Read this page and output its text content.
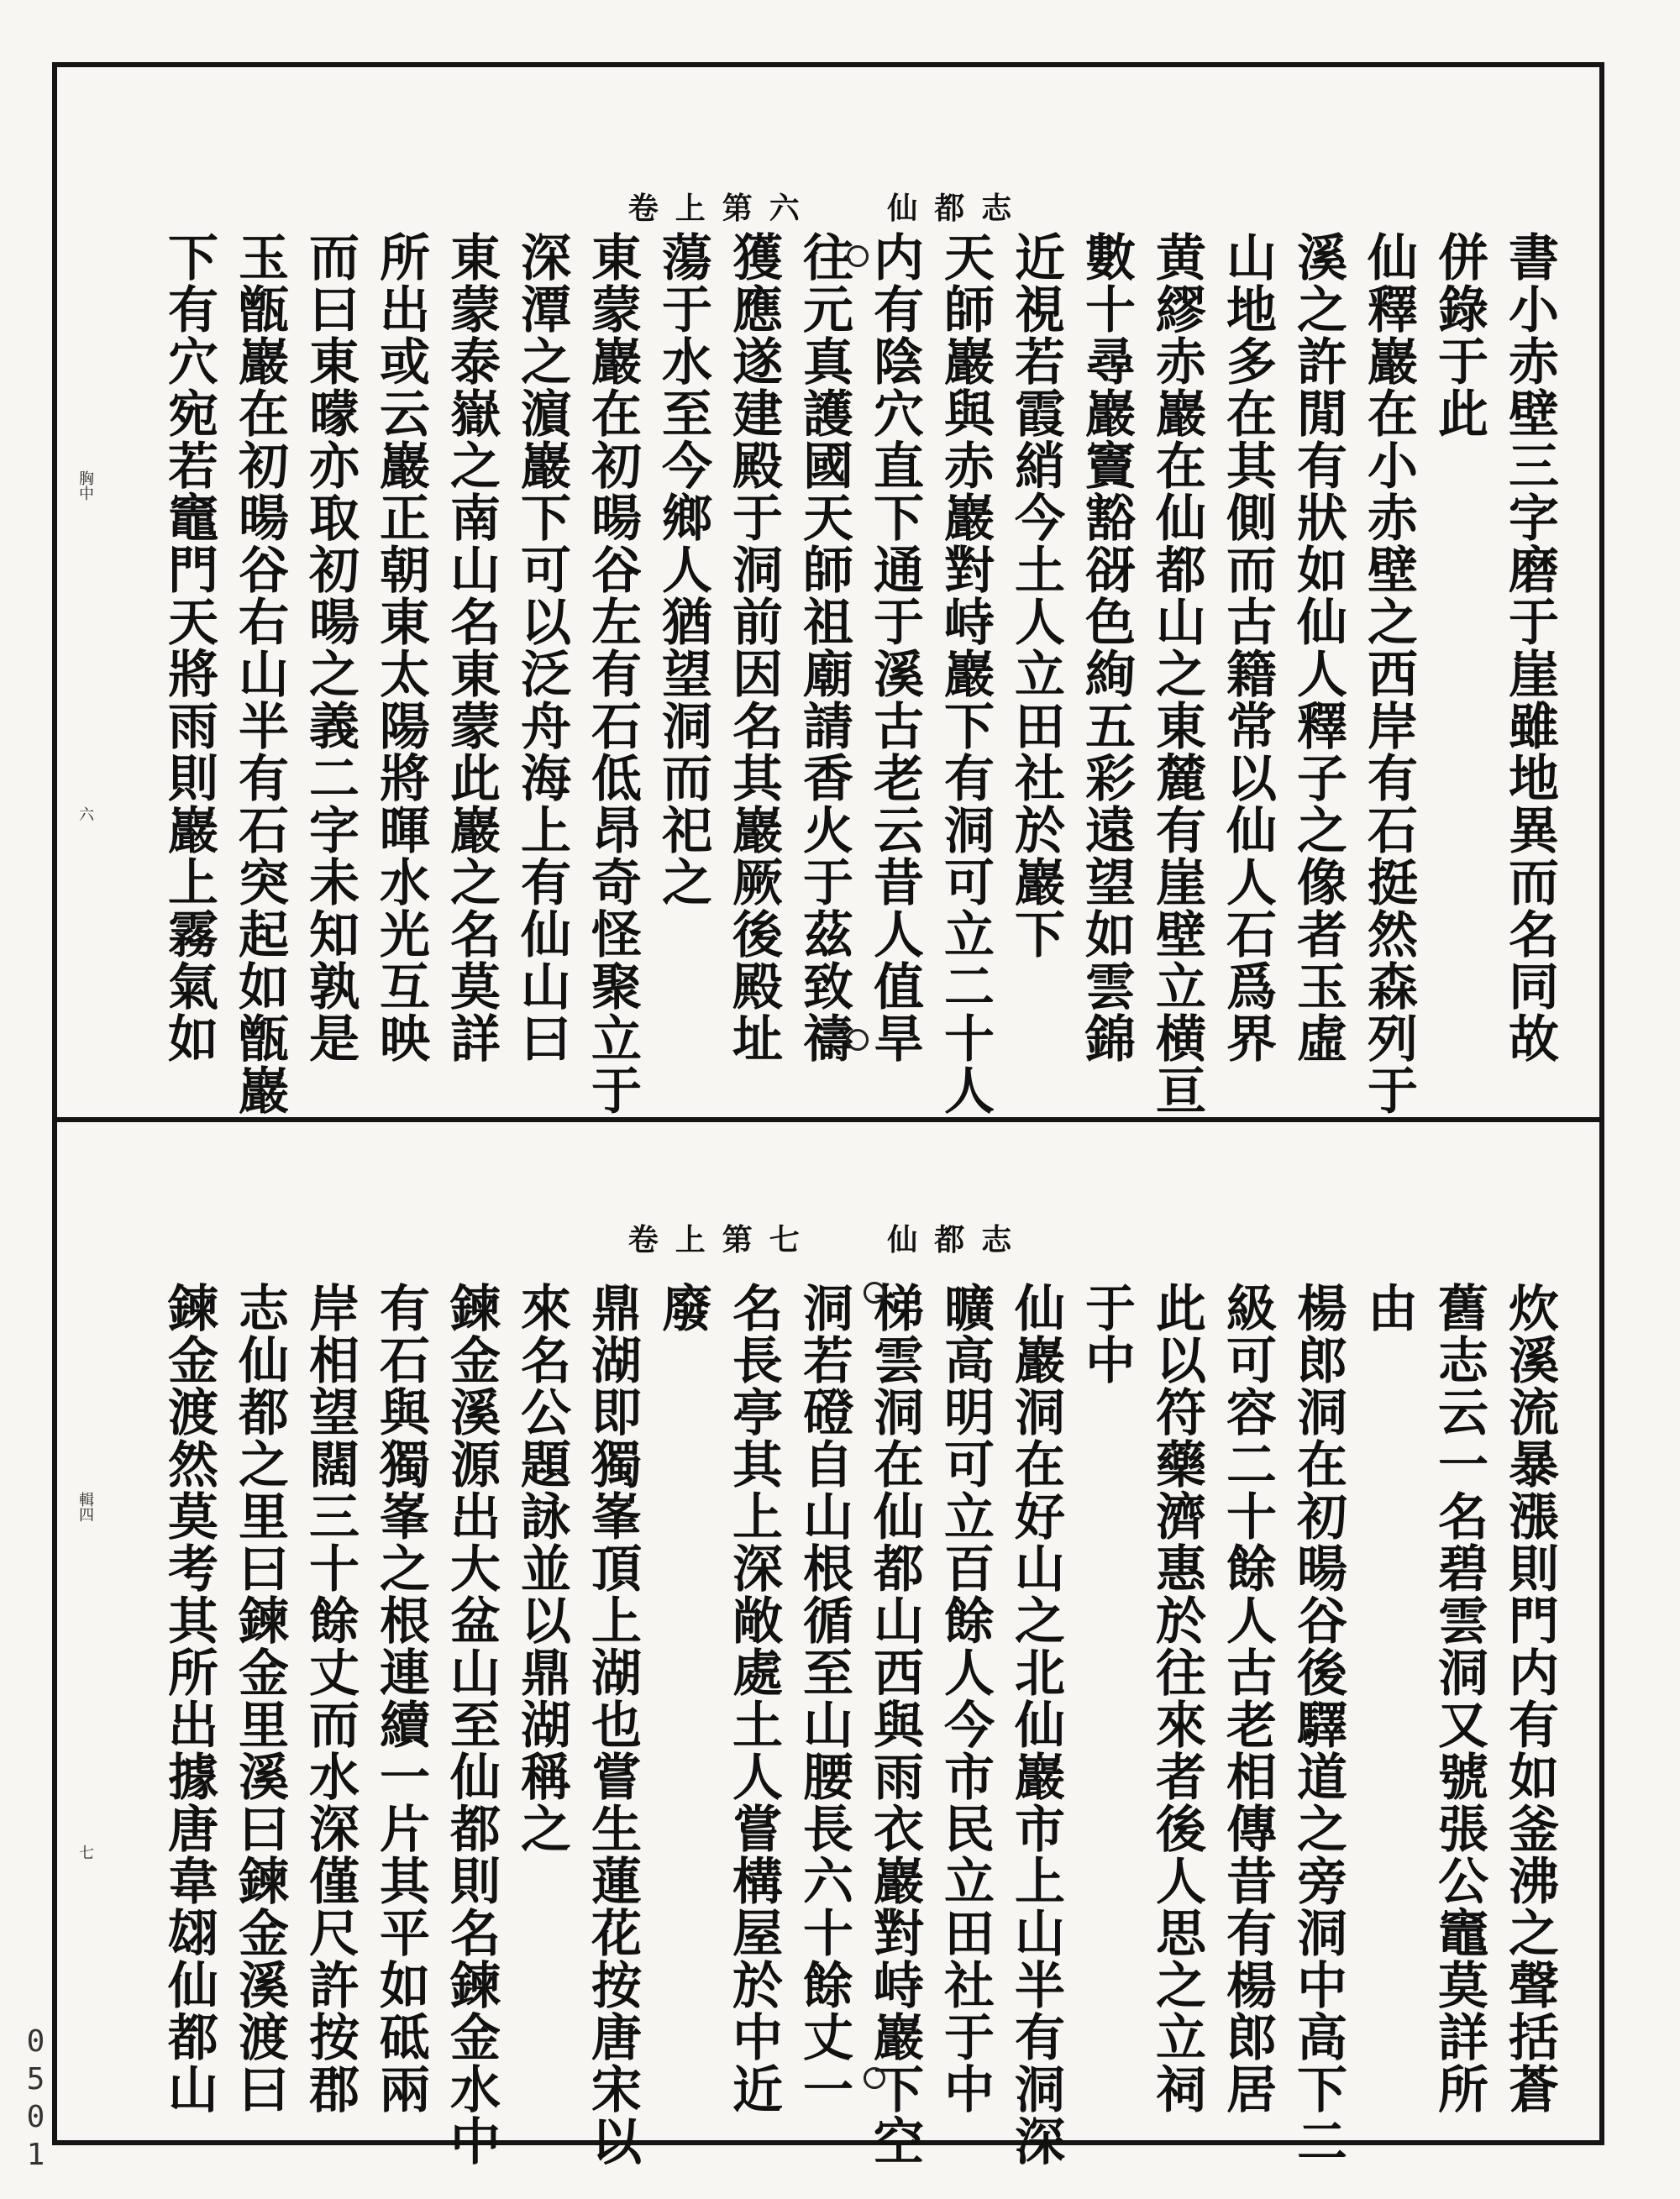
卷上第六 仙都志
書小赤壁三字磨于崖雖地異而名同故
併錄于此
仙釋巖在小赤壁之西岸有石挺然森列于
溪之許閒有狀如仙人釋子之像者玉虛
山地多在其側而古籍常以仙人石爲界
黄繆赤巖在仙都山之東麓有崖壁立横亘
數十尋巖竇豁谺色絢五彩遠望如雲錦
近視若霞綃今土人立田社於巖下
天師巖與赤巖對峙巖下有洞可立二十人
内有陰穴直下通于溪古老云昔人值旱
往元真護國天師祖廟請香火于茲致禱
獲應遂建殿于洞前因名其巖厥後殿址
蕩于水至今鄉人猶望洞而祀之
東蒙巖在初暘谷左有石低昂奇怪聚立于
深潭之濵巖下可以泛舟海上有仙山曰
東蒙泰嶽之南山名東蒙此巖之名莫詳
所出或云巖正朝東太陽將暉水光互映
而曰東曚亦取初暘之義二字未知孰是
玉甑巖在初暘谷右山半有石突起如甑巖
下有穴宛若竈門天將雨則巖上霧氣如
胸中
六
卷上第七 仙都志
炊溪流暴漲則門内有如釜沸之聲括蒼
舊志云一名碧雲洞又號張公竈莫詳所
由
楊郎洞在初暘谷後驛道之旁洞中高下二
級可容二十餘人古老相傳昔有楊郎居
此以符藥濟惠於往來者後人思之立祠
于中
仙巖洞在好山之北仙巖市上山半有洞深
曠高明可立百餘人今市民立田社于中
梯雲洞在仙都山西與雨衣巖對峙巖下空
洞若磴自山根循至山腰長六十餘丈一
名長亭其上深敞處土人嘗構屋於中近
廢
鼎湖即獨峯頂上湖也嘗生蓮花按唐宋以
來名公題詠並以鼎湖稱之
鍊金溪源出大盆山至仙都則名鍊金水中
有石與獨峯之根連續一片其平如砥兩
岸相望闊三十餘丈而水深僅尺許按郡
志仙都之里曰鍊金里溪曰鍊金溪渡曰
鍊金渡然莫考其所出據唐韋翃仙都山
輯四
七
0501
